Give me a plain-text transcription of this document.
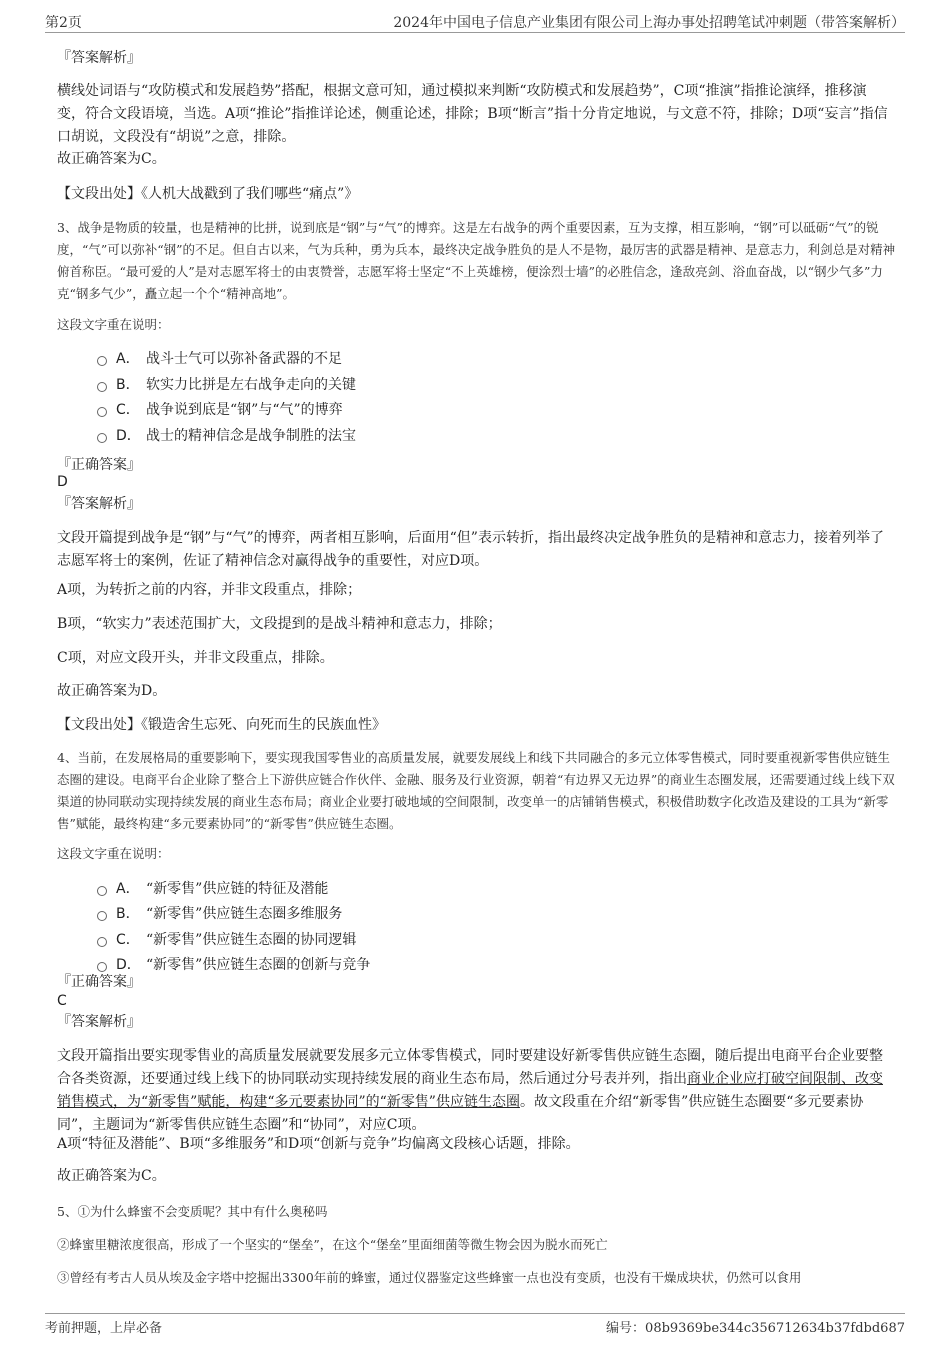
第2页	2024年中国电子信息产业集团有限公司上海办事处招聘笔试冲刺题（带答案解析）
『答案解析』
横线处词语与“攻防模式和发展趋势”搭配，根据文意可知，通过模拟来判断“攻防模式和发展趋势”，C项“推演”指推论演绎，推移演变，符合文段语境，当选。A项“推论”指推详论述，侧重论述，排除；B项“断言”指十分肯定地说，与文意不符，排除；D项“妄言”指信口胡说，文段没有“胡说”之意，排除。
故正确答案为C。
【文段出处】《人机大战戳到了我们哪些“痛点”》
3、战争是物质的较量，也是精神的比拼，说到底是“钢”与“气”的博弈。这是左右战争的两个重要因素，互为支撑，相互影响，“钢”可以砥砺“气”的锐度，“气”可以弥补“钢”的不足。但自古以来，气为兵种，勇为兵本，最终决定战争胜负的是人不是物，最厉害的武器是精神、是意志力，利剑总是对精神俯首称臣。“最可爱的人”是对志愿军将士的由衷赞誉，志愿军将士坚定“不上英雄榜，便涂烈士墙”的必胜信念，逢敌亮剑、浴血奋战，以“钢少气多”力克“钢多气少”，矗立起一个个“精神高地”。
这段文字重在说明：
A． 战斗士气可以弥补备武器的不足
B． 软实力比拼是左右战争走向的关键
C． 战争说到底是“钢”与“气”的博弈
D． 战士的精神信念是战争制胜的法宝
『正确答案』
D
『答案解析』
文段开篇提到战争是“钢”与“气”的博弈，两者相互影响，后面用“但”表示转折，指出最终决定战争胜负的是精神和意志力，接着列举了志愿军将士的案例，佐证了精神信念对赢得战争的重要性，对应D项。
A项，为转折之前的内容，并非文段重点，排除；
B项，“软实力”表述范围扩大，文段提到的是战斗精神和意志力，排除；
C项，对应文段开头，并非文段重点，排除。
故正确答案为D。
【文段出处】《锻造舍生忘死、向死而生的民族血性》
4、当前，在发展格局的重要影响下，要实现我国零售业的高质量发展，就要发展线上和线下共同融合的多元立体零售模式，同时要重视新零售供应链生态圈的建设。电商平台企业除了整合上下游供应链合作伙伴、金融、服务及行业资源，朝着“有边界又无边界”的商业生态圈发展，还需要通过线上线下双渠道的协同联动实现持续发展的商业生态布局；商业企业要打破地域的空间限制，改变单一的店铺销售模式，积极借助数字化改造及建设的工具为“新零售”赋能，最终构建“多元要素协同”的“新零售”供应链生态圈。
这段文字重在说明：
A． “新零售”供应链的特征及潜能
B． “新零售”供应链生态圈多维服务
C． “新零售”供应链生态圈的协同逻辑
D． “新零售”供应链生态圈的创新与竞争
『正确答案』
C
『答案解析』
文段开篇指出要实现零售业的高质量发展就要发展多元立体零售模式，同时要建设好新零售供应链生态圈，随后提出电商平台企业要整合各类资源，还要通过线上线下的协同联动实现持续发展的商业生态布局，然后通过分号表并列，指出商业企业应打破空间限制、改变销售模式，为“新零售”赋能，构建“多元要素协同”的“新零售”供应链生态圈。故文段重在介绍“新零售”供应链生态圈要“多元要素协同”，主题词为“新零售供应链生态圈”和“协同”，对应C项。
A项“特征及潜能”、B项“多维服务”和D项“创新与竞争”均偏离文段核心话题，排除。
故正确答案为C。
5、①为什么蜂蜜不会变质呢？其中有什么奥秘吗
②蜂蜜里糖浓度很高，形成了一个坚实的“堡垒”，在这个“堡垒”里面细菌等微生物会因为脱水而死亡
③曾经有考古人员从埃及金字塔中挖掘出3300年前的蜂蜜，通过仪器鉴定这些蜂蜜一点也没有变质，也没有干燥成块状，仍然可以食用
考前押题，上岸必备	编号：08b9369be344c356712634b37fdbd687
